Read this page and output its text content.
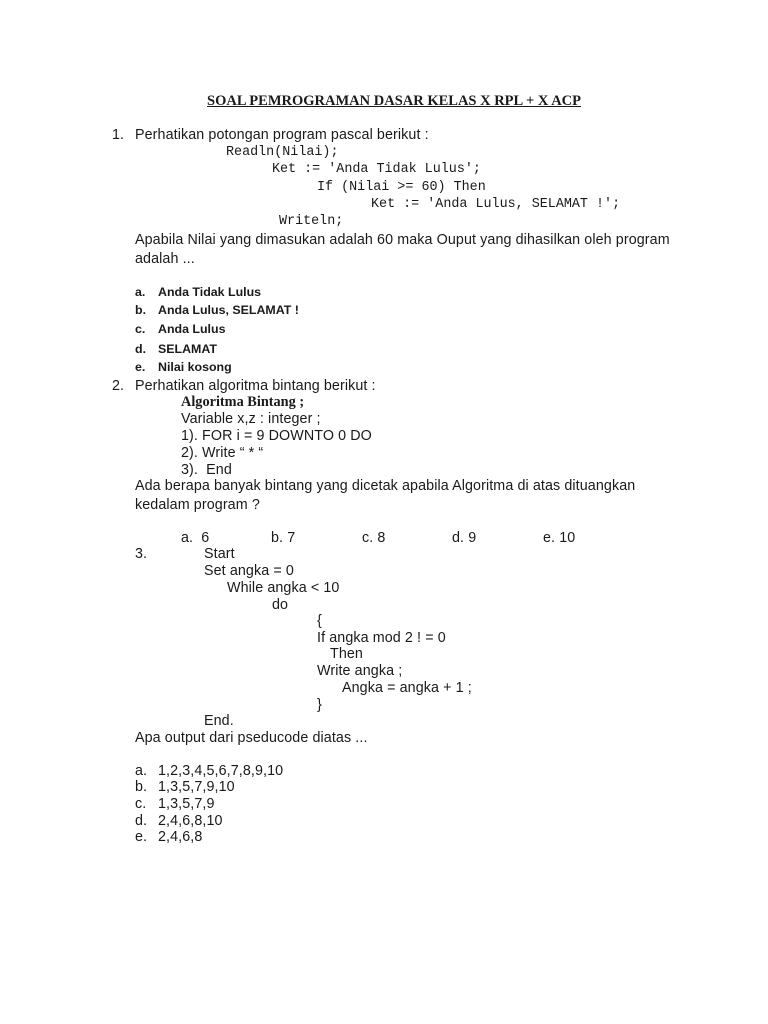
SOAL PEMROGRAMAN DASAR KELAS X RPL + X ACP
1. Perhatikan potongan program pascal berikut :
Readln(Nilai);
Ket := 'Anda Tidak Lulus';
If (Nilai >= 60) Then
Ket := 'Anda Lulus, SELAMAT !';
Writeln;
Apabila Nilai yang dimasukan adalah 60 maka Ouput yang dihasilkan oleh program
adalah ...
a. Anda Tidak Lulus
b. Anda Lulus, SELAMAT !
c. Anda Lulus
d. SELAMAT
e. Nilai kosong
2. Perhatikan algoritma bintang berikut :
Algoritma Bintang ;
Variable x,z : integer ;
1). FOR i = 9 DOWNTO 0 DO
2). Write “ * “
3).  End
Ada berapa banyak bintang yang dicetak apabila Algoritma di atas dituangkan
kedalam program ?
a.  6	b. 7	c. 8	d. 9	e. 10
3.	Start
Set angka = 0
While angka < 10
do
{
If angka mod 2 ! = 0
Then
Write angka ;
Angka = angka + 1 ;
}
End.
Apa output dari pseducode diatas ...
a. 1,2,3,4,5,6,7,8,9,10
b. 1,3,5,7,9,10
c. 1,3,5,7,9
d. 2,4,6,8,10
e. 2,4,6,8
